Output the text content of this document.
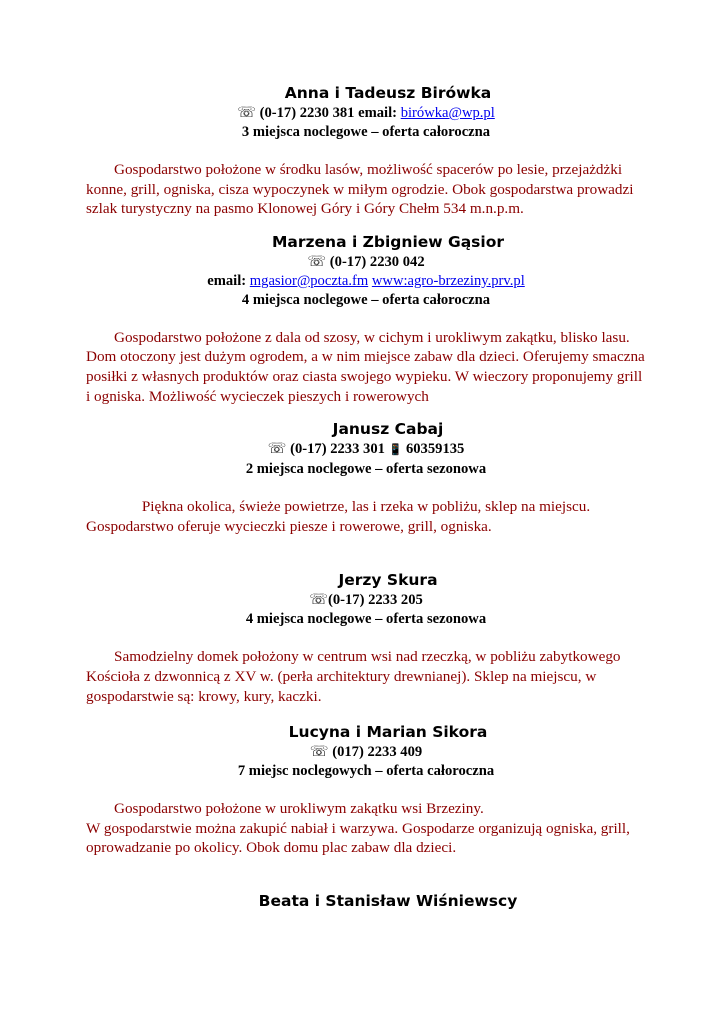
Anna i Tadeusz Birówka
☏ (0-17) 2230 381 email: birówka@wp.pl
3 miejsca noclegowe – oferta całoroczna
Gospodarstwo położone w środku lasów, możliwość spacerów po lesie, przejażdżki konne, grill, ogniska, cisza wypoczynek w miłym ogrodzie. Obok gospodarstwa prowadzi szlak turystyczny na pasmo Klonowej Góry i Góry Chełm 534 m.n.p.m.
Marzena i Zbigniew Gąsior
☏ (0-17) 2230 042
email: mgasior@poczta.fm www:agro-brzeziny.prv.pl
4 miejsca noclegowe – oferta całoroczna
Gospodarstwo położone z dala od szosy, w cichym i urokliwym zakątku, blisko lasu. Dom otoczony jest dużym ogrodem, a w nim miejsce zabaw dla dzieci. Oferujemy smaczna posiłki z własnych produktów oraz ciasta swojego wypieku. W wieczory proponujemy grill i ogniska. Możliwość wycieczek pieszych i rowerowych
Janusz Cabaj
☏ (0-17) 2233 301 📱 60359135
2 miejsca noclegowe – oferta sezonowa
Piękna okolica, świeże powietrze, las i rzeka w pobliżu, sklep na miejscu.
Gospodarstwo oferuje wycieczki piesze i rowerowe, grill, ogniska.
Jerzy Skura
☏(0-17) 2233 205
4 miejsca noclegowe – oferta sezonowa
Samodzielny domek położony w centrum wsi nad rzeczką, w pobliżu zabytkowego Kościoła z dzwonnicą z XV w. (perła architektury drewnianej). Sklep na miejscu, w gospodarstwie są: krowy, kury, kaczki.
Lucyna i Marian Sikora
☏ (017) 2233 409
7 miejsc noclegowych – oferta całoroczna
Gospodarstwo położone w urokliwym zakątku wsi Brzeziny.
W gospodarstwie można zakupić nabiał i warzywa. Gospodarze organizują ogniska, grill, oprowadzanie po okolicy. Obok domu plac zabaw dla dzieci.
Beata i Stanisław Wiśniewscy
